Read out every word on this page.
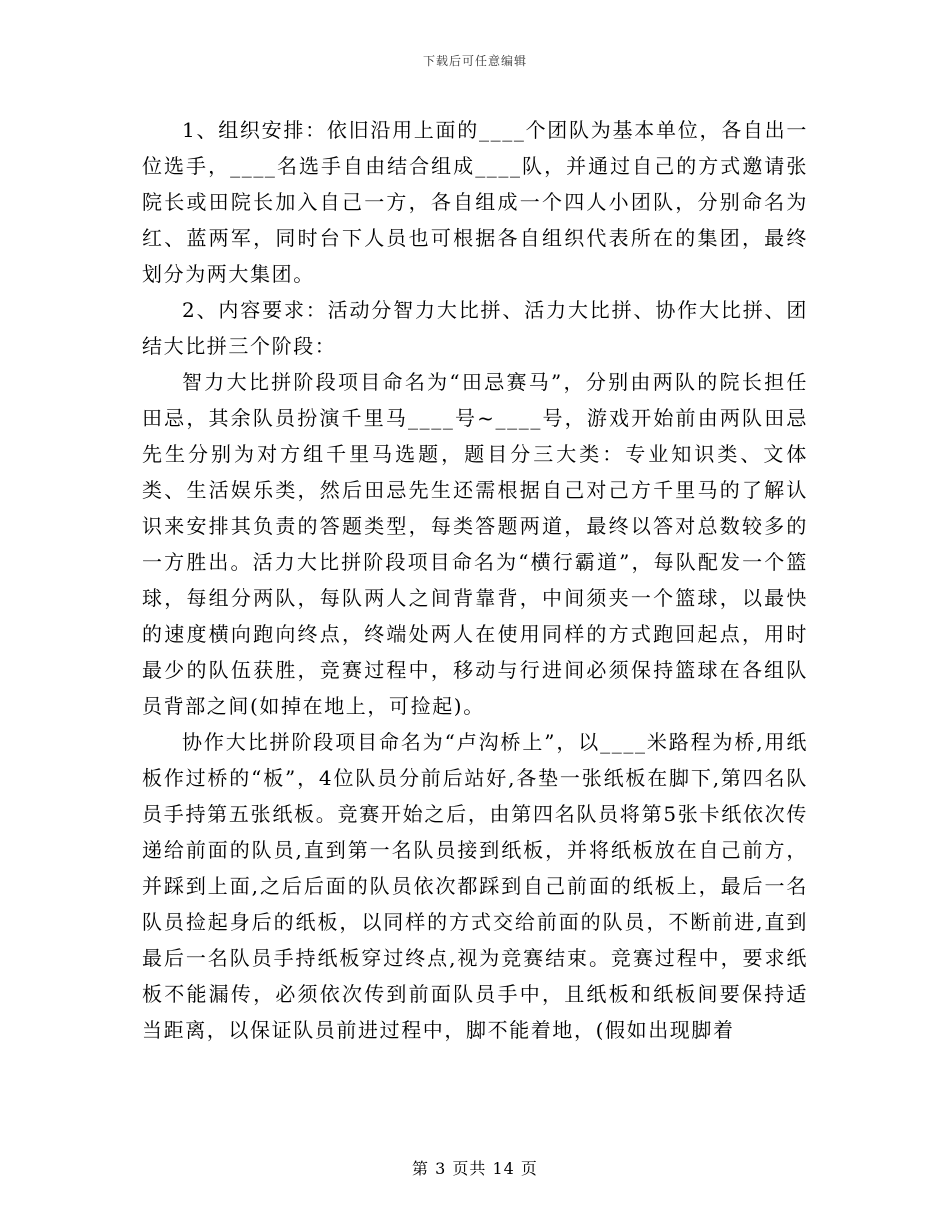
下载后可任意编辑

1、组织安排：依旧沿用上面的____个团队为基本单位，各自出一位选手，____名选手自由结合组成____队，并通过自己的方式邀请张院长或田院长加入自己一方，各自组成一个四人小团队，分别命名为红、蓝两军，同时台下人员也可根据各自组织代表所在的集团，最终划分为两大集团。

2、内容要求：活动分智力大比拼、活力大比拼、协作大比拼、团结大比拼三个阶段：

智力大比拼阶段项目命名为“田忌赛马”，分别由两队的院长担任田忌，其余队员扮演千里马____号~____号，游戏开始前由两队田忌先生分别为对方组千里马选题，题目分三大类：专业知识类、文体类、生活娱乐类，然后田忌先生还需根据自己对己方千里马的了解认识来安排其负责的答题类型，每类答题两道，最终以答对总数较多的一方胜出。活力大比拼阶段项目命名为“横行霸道”，每队配发一个篮球，每组分两队，每队两人之间背靠背，中间须夹一个篮球，以最快的速度横向跑向终点，终端处两人在使用同样的方式跑回起点，用时最少的队伍获胜，竞赛过程中，移动与行进间必须保持篮球在各组队员背部之间(如掉在地上，可捡起)。

协作大比拼阶段项目命名为“卢沟桥上”，以____米路程为桥,用纸板作过桥的“板”，4位队员分前后站好,各垫一张纸板在脚下,第四名队员手持第五张纸板。竞赛开始之后，由第四名队员将第5张卡纸依次传递给前面的队员,直到第一名队员接到纸板，并将纸板放在自己前方，并踩到上面,之后后面的队员依次都踩到自己前面的纸板上，最后一名队员捡起身后的纸板，以同样的方式交给前面的队员，不断前进,直到最后一名队员手持纸板穿过终点,视为竞赛结束。竞赛过程中，要求纸板不能漏传，必须依次传到前面队员手中，且纸板和纸板间要保持适当距离，以保证队员前进过程中，脚不能着地，(假如出现脚着

第 3 页共 14 页
